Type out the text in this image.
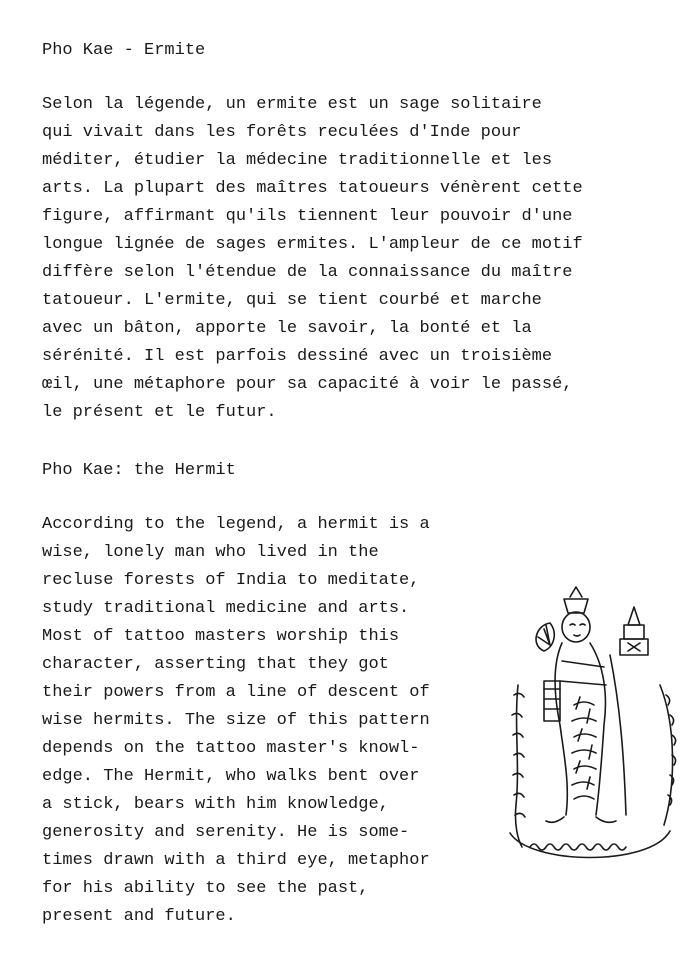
Pho Kae - Ermite
Selon la légende, un ermite est un sage solitaire
qui vivait dans les forêts reculées d'Inde pour
méditer, étudier la médecine traditionnelle et les
arts. La plupart des maîtres tatoueurs vénèrent cette
figure, affirmant qu'ils tiennent leur pouvoir d'une
longue lignée de sages ermites. L'ampleur de ce motif
diffère selon l'étendue de la connaissance du maître
tatoueur. L'ermite, qui se tient courbé et marche
avec un bâton, apporte le savoir, la bonté et la
sérénité. Il est parfois dessiné avec un troisième
œil, une métaphore pour sa capacité à voir le passé,
le présent et le futur.
Pho Kae: the Hermit
According to the legend, a hermit is a
wise, lonely man who lived in the
recluse forests of India to meditate,
study traditional medicine and arts.
Most of tattoo masters worship this
character, asserting that they got
their powers from a line of descent of
wise hermits. The size of this pattern
depends on the tattoo master's knowl-
edge. The Hermit, who walks bent over
a stick, bears with him knowledge,
generosity and serenity. He is some-
times drawn with a third eye, metaphor
for his ability to see the past,
present and future.
